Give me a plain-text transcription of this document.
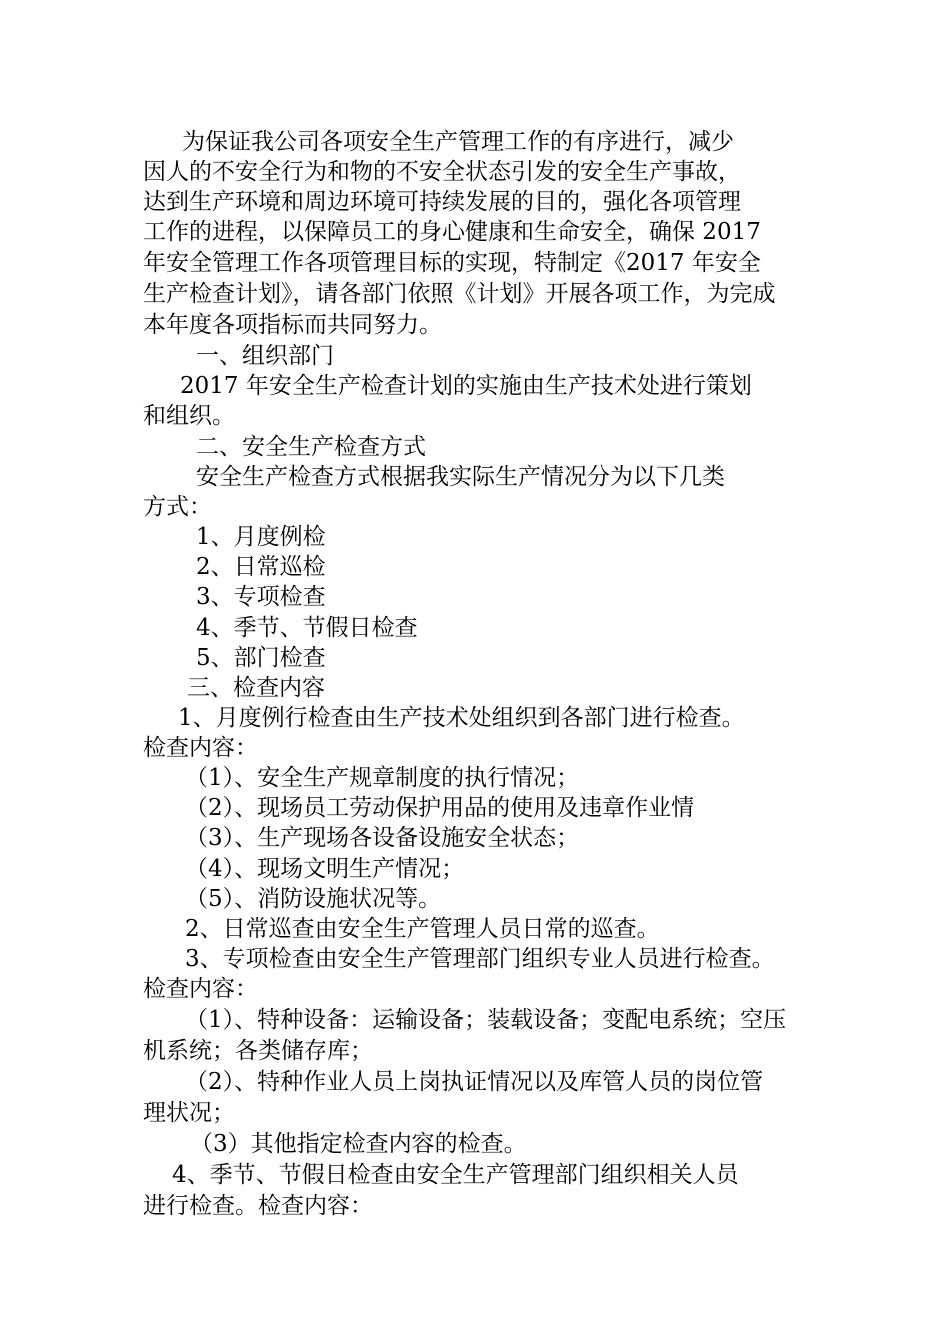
为保证我公司各项安全生产管理工作的有序进行，减少
因人的不安全行为和物的不安全状态引发的安全生产事故，
达到生产环境和周边环境可持续发展的目的，强化各项管理
工作的进程，以保障员工的身心健康和生命安全，确保 2017
年安全管理工作各项管理目标的实现，特制定《2017 年安全
生产检查计划》，请各部门依照《计划》开展各项工作，为完成
本年度各项指标而共同努力。
一、组织部门
2017 年安全生产检查计划的实施由生产技术处进行策划
和组织。
二、安全生产检查方式
安全生产检查方式根据我实际生产情况分为以下几类
方式：
1、月度例检
2、日常巡检
3、专项检查
4、季节、节假日检查
5、部门检查
三、检查内容
1、月度例行检查由生产技术处组织到各部门进行检查。
检查内容：
（1）、安全生产规章制度的执行情况；
（2）、现场员工劳动保护用品的使用及违章作业情
（3）、生产现场各设备设施安全状态；
（4）、现场文明生产情况；
（5）、消防设施状况等。
2、日常巡查由安全生产管理人员日常的巡查。
3、专项检查由安全生产管理部门组织专业人员进行检查。
检查内容：
（1）、特种设备：运输设备；装载设备；变配电系统；空压
机系统；各类储存库；
（2）、特种作业人员上岗执证情况以及库管人员的岗位管
理状况；
（3）其他指定检查内容的检查。
4、季节、节假日检查由安全生产管理部门组织相关人员
进行检查。检查内容：
